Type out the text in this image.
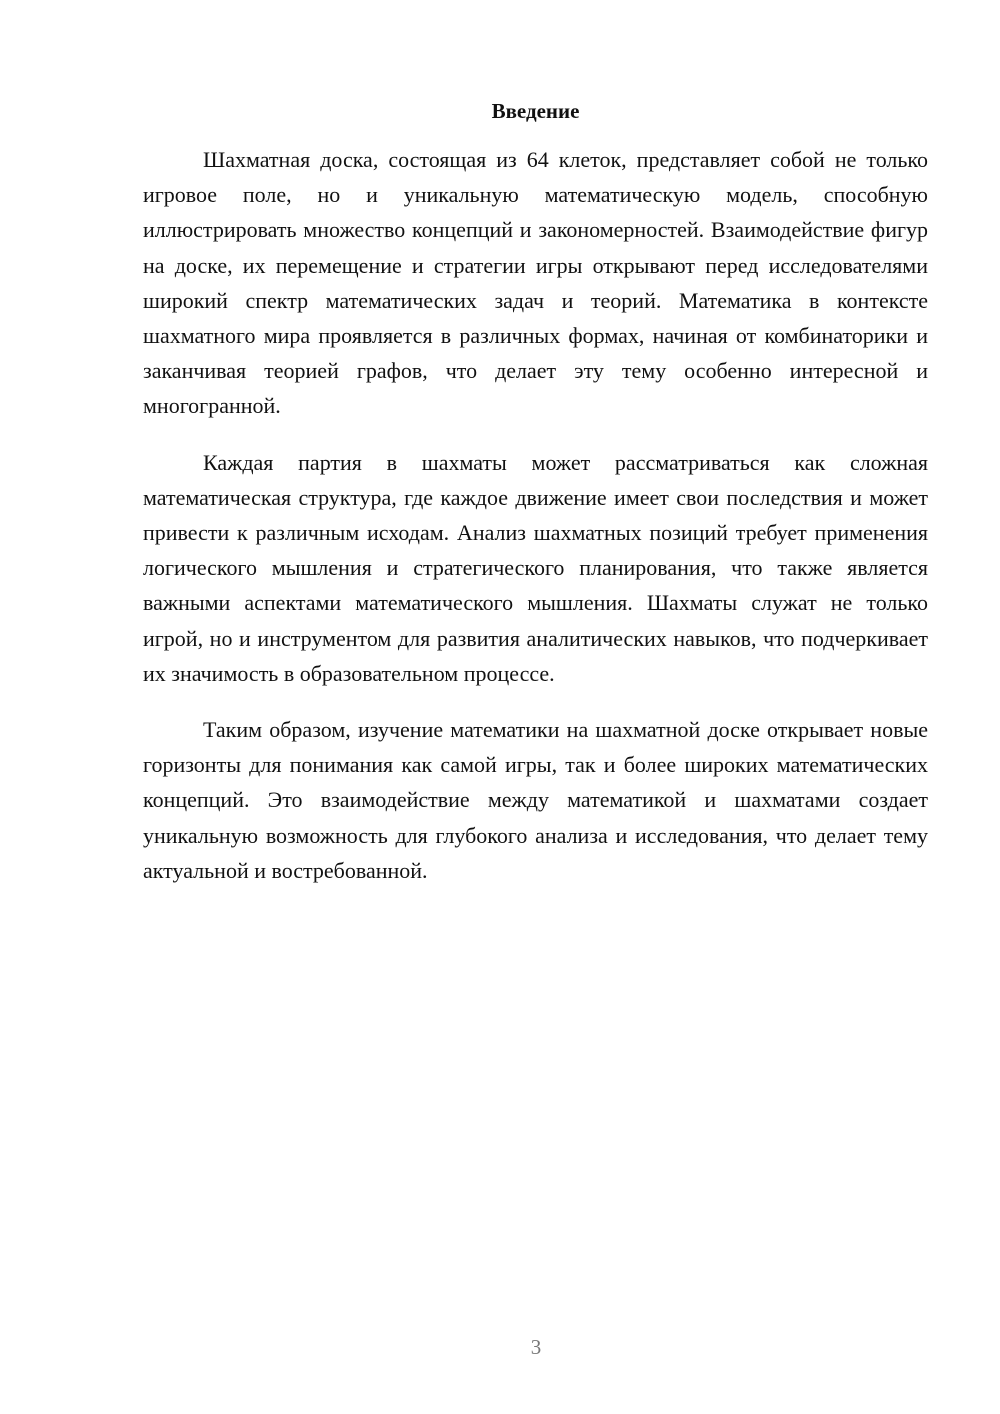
Введение

Шахматная доска, состоящая из 64 клеток, представляет собой не только игровое поле, но и уникальную математическую модель, способную иллюстрировать множество концепций и закономерностей. Взаимодействие фигур на доске, их перемещение и стратегии игры открывают перед исследователями широкий спектр математических задач и теорий. Математика в контексте шахматного мира проявляется в различных формах, начиная от комбинаторики и заканчивая теорией графов, что делает эту тему особенно интересной и многогранной.

Каждая партия в шахматы может рассматриваться как сложная математическая структура, где каждое движение имеет свои последствия и может привести к различным исходам. Анализ шахматных позиций требует применения логического мышления и стратегического планирования, что также является важными аспектами математического мышления. Шахматы служат не только игрой, но и инструментом для развития аналитических навыков, что подчеркивает их значимость в образовательном процессе.

Таким образом, изучение математики на шахматной доске открывает новые горизонты для понимания как самой игры, так и более широких математических концепций. Это взаимодействие между математикой и шахматами создает уникальную возможность для глубокого анализа и исследования, что делает тему актуальной и востребованной.

3
